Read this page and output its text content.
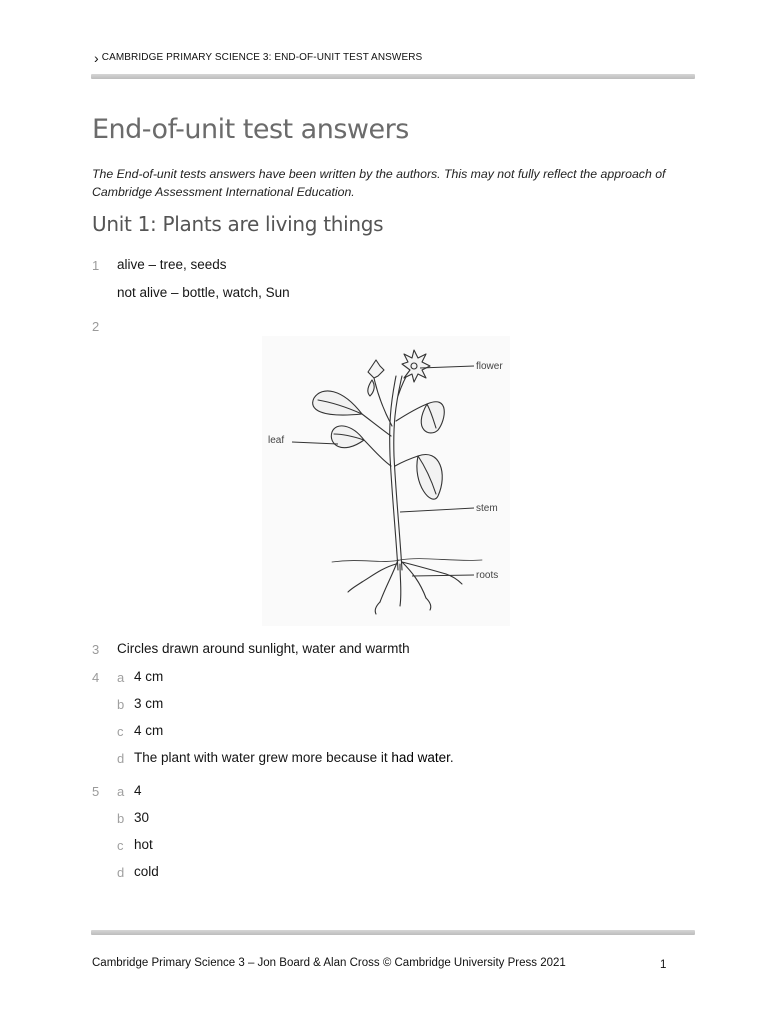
› CAMBRIDGE PRIMARY SCIENCE 3: END-OF-UNIT TEST ANSWERS
End-of-unit test answers
The End-of-unit tests answers have been written by the authors. This may not fully reflect the approach of Cambridge Assessment International Education.
Unit 1: Plants are living things
1 alive – tree, seeds
not alive – bottle, watch, Sun
2
flower
leaf
stem
roots
3 Circles drawn around sunlight, water and warmth
4 a 4 cm
b 3 cm
c 4 cm
d The plant with water grew more because it had water.
5 a 4
b 30
c hot
d cold
Cambridge Primary Science 3 – Jon Board & Alan Cross © Cambridge University Press 2021	1
